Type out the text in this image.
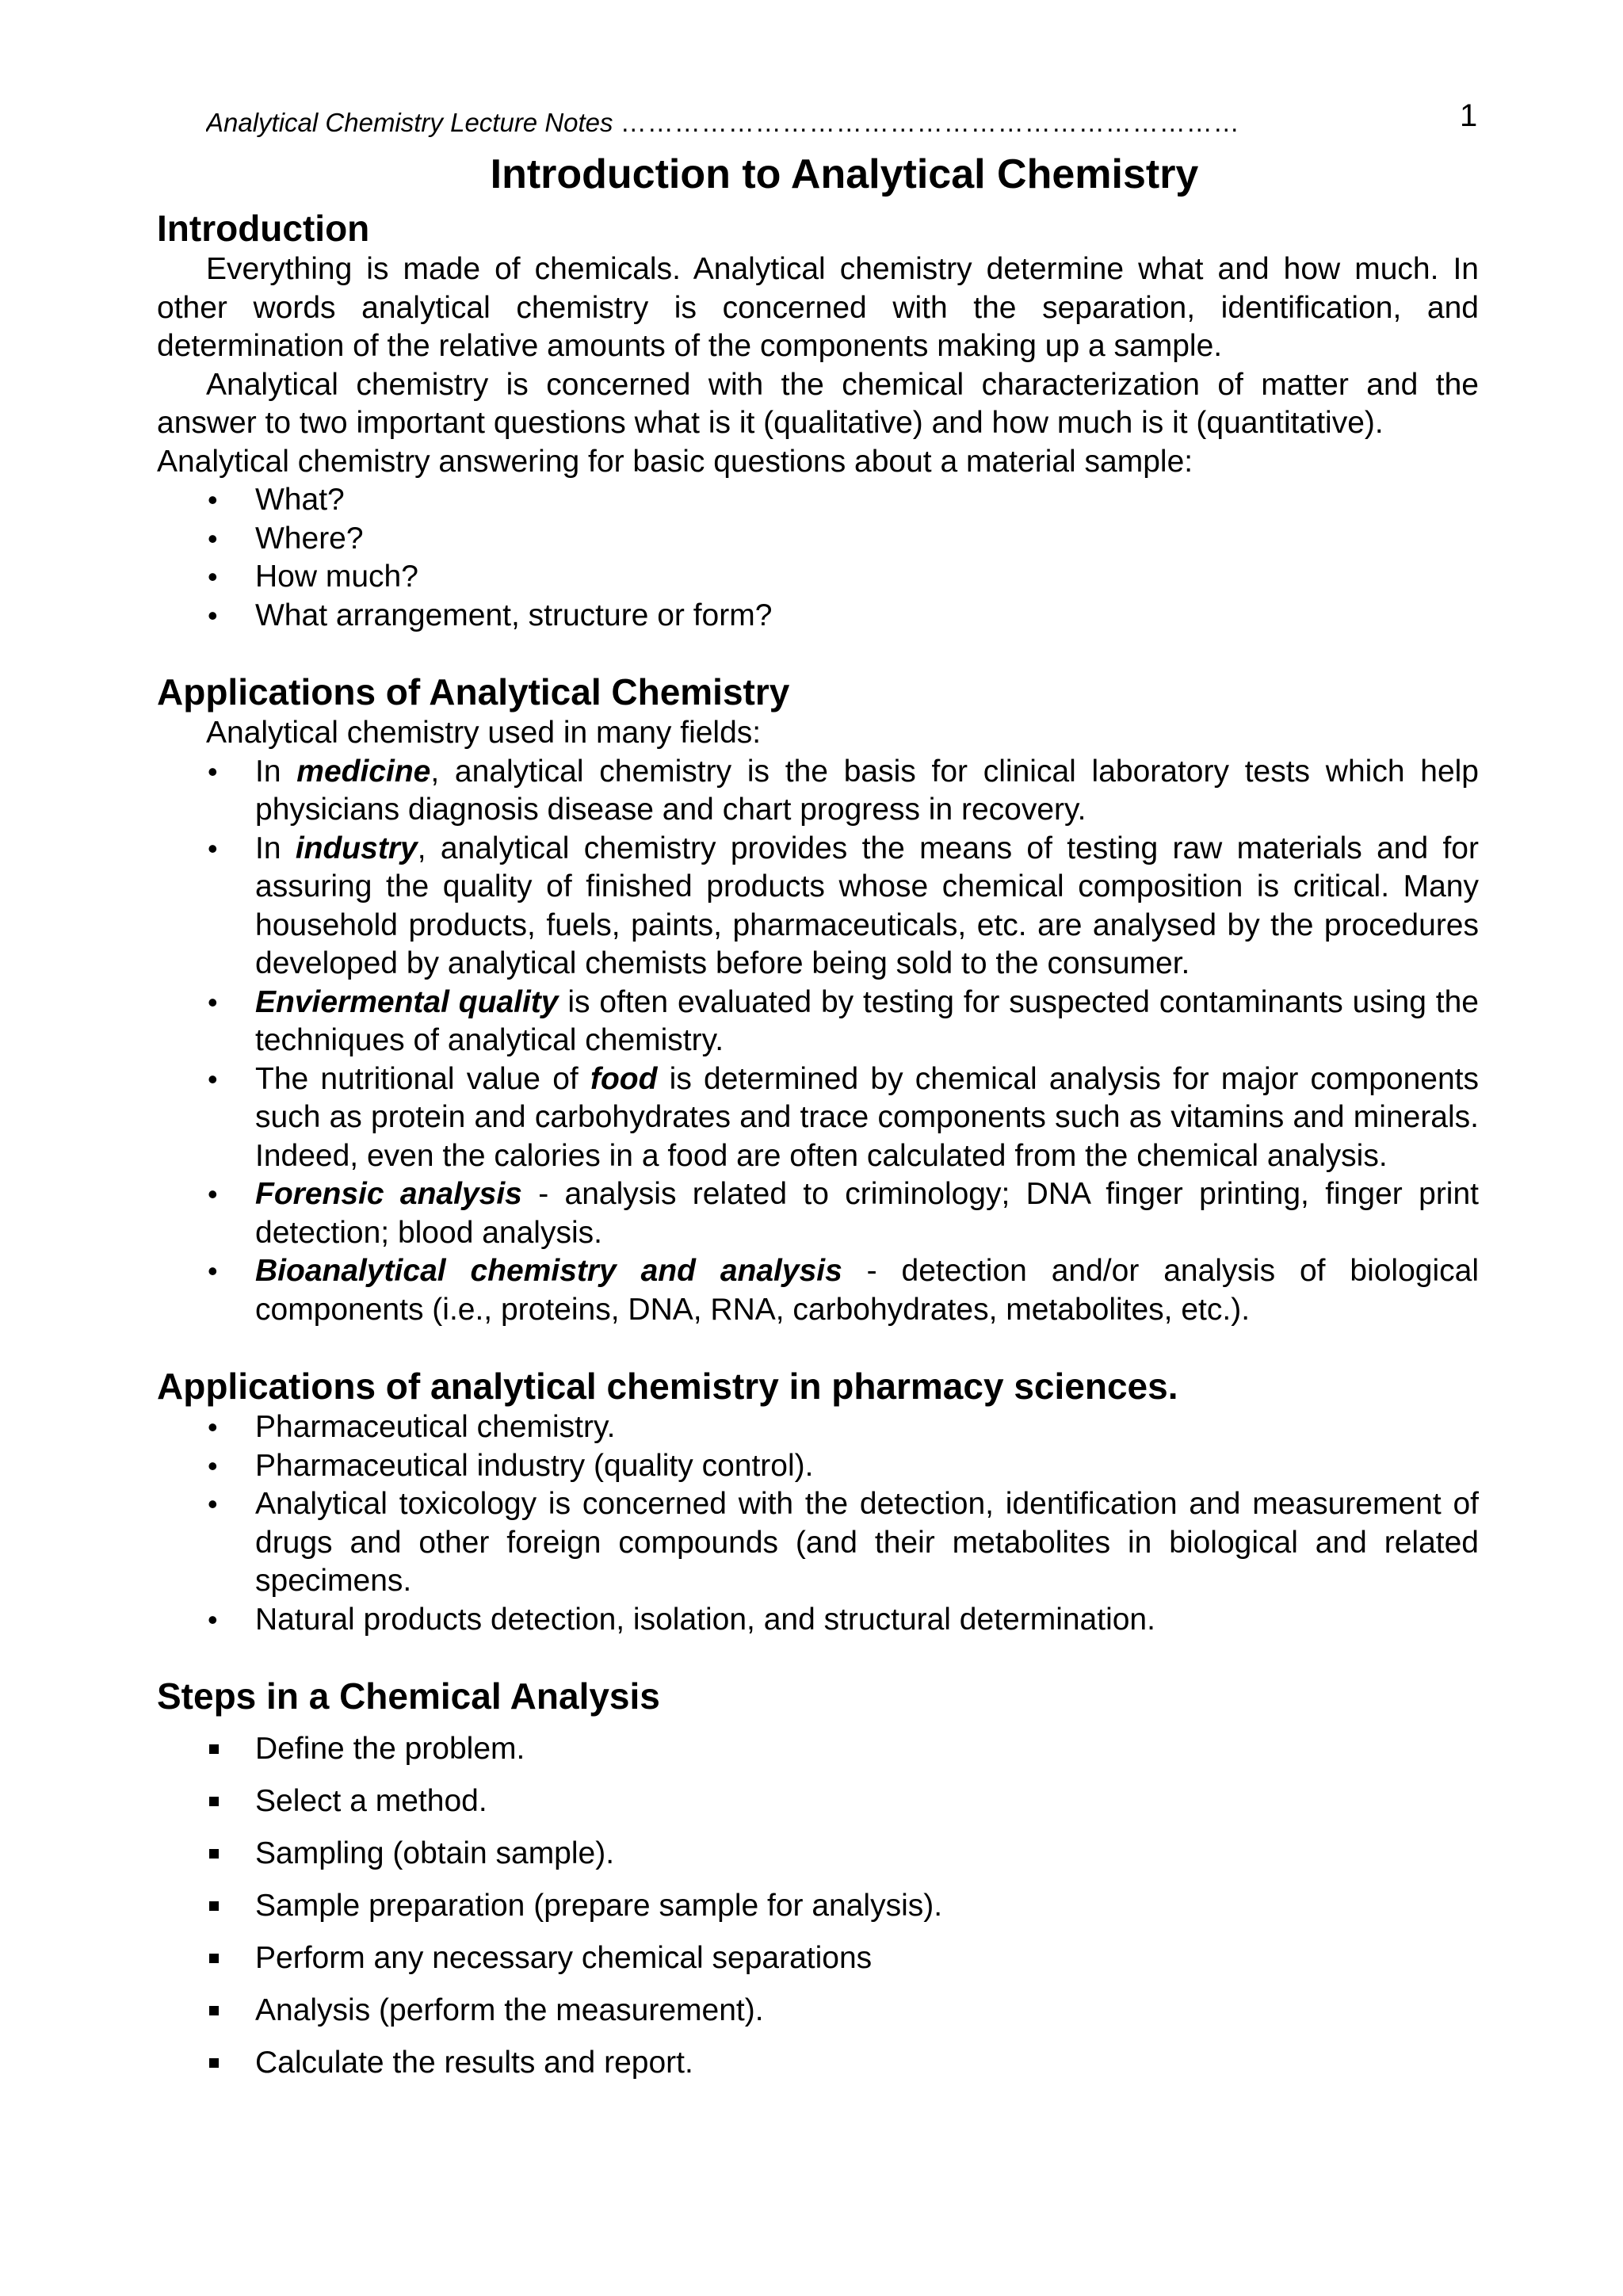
Analytical Chemistry Lecture Notes ……………………………………………………………	1
Introduction to Analytical Chemistry
Introduction

Everything is made of chemicals. Analytical chemistry determine what and how much. In other words analytical chemistry is concerned with the separation, identification, and determination of the relative amounts of the components making up a sample.

Analytical chemistry is concerned with the chemical characterization of matter and the answer to two important questions what is it (qualitative) and how much is it (quantitative).

Analytical chemistry answering for basic questions about a material sample:

• What?
• Where?
• How much?
• What arrangement, structure or form?
Applications of Analytical Chemistry

Analytical chemistry used in many fields:

• In medicine, analytical chemistry is the basis for clinical laboratory tests which help physicians diagnosis disease and chart progress in recovery.
• In industry, analytical chemistry provides the means of testing raw materials and for assuring the quality of finished products whose chemical composition is critical. Many household products, fuels, paints, pharmaceuticals, etc. are analysed by the procedures developed by analytical chemists before being sold to the consumer.
• Enviermental quality is often evaluated by testing for suspected contaminants using the techniques of analytical chemistry.
• The nutritional value of food is determined by chemical analysis for major components such as protein and carbohydrates and trace components such as vitamins and minerals. Indeed, even the calories in a food are often calculated from the chemical analysis.
• Forensic analysis - analysis related to criminology; DNA finger printing, finger print detection; blood analysis.
• Bioanalytical chemistry and analysis - detection and/or analysis of biological components (i.e., proteins, DNA, RNA, carbohydrates, metabolites, etc.).
Applications of analytical chemistry in pharmacy sciences.
• Pharmaceutical chemistry.
• Pharmaceutical industry (quality control).
• Analytical toxicology is concerned with the detection, identification and measurement of drugs and other foreign compounds (and their metabolites in biological and related specimens.
• Natural products detection, isolation, and structural determination.
Steps in a Chemical Analysis
Define the problem.
Select a method.
Sampling (obtain sample).
Sample preparation (prepare sample for analysis).
Perform any necessary chemical separations
Analysis (perform the measurement).
Calculate the results and report.
